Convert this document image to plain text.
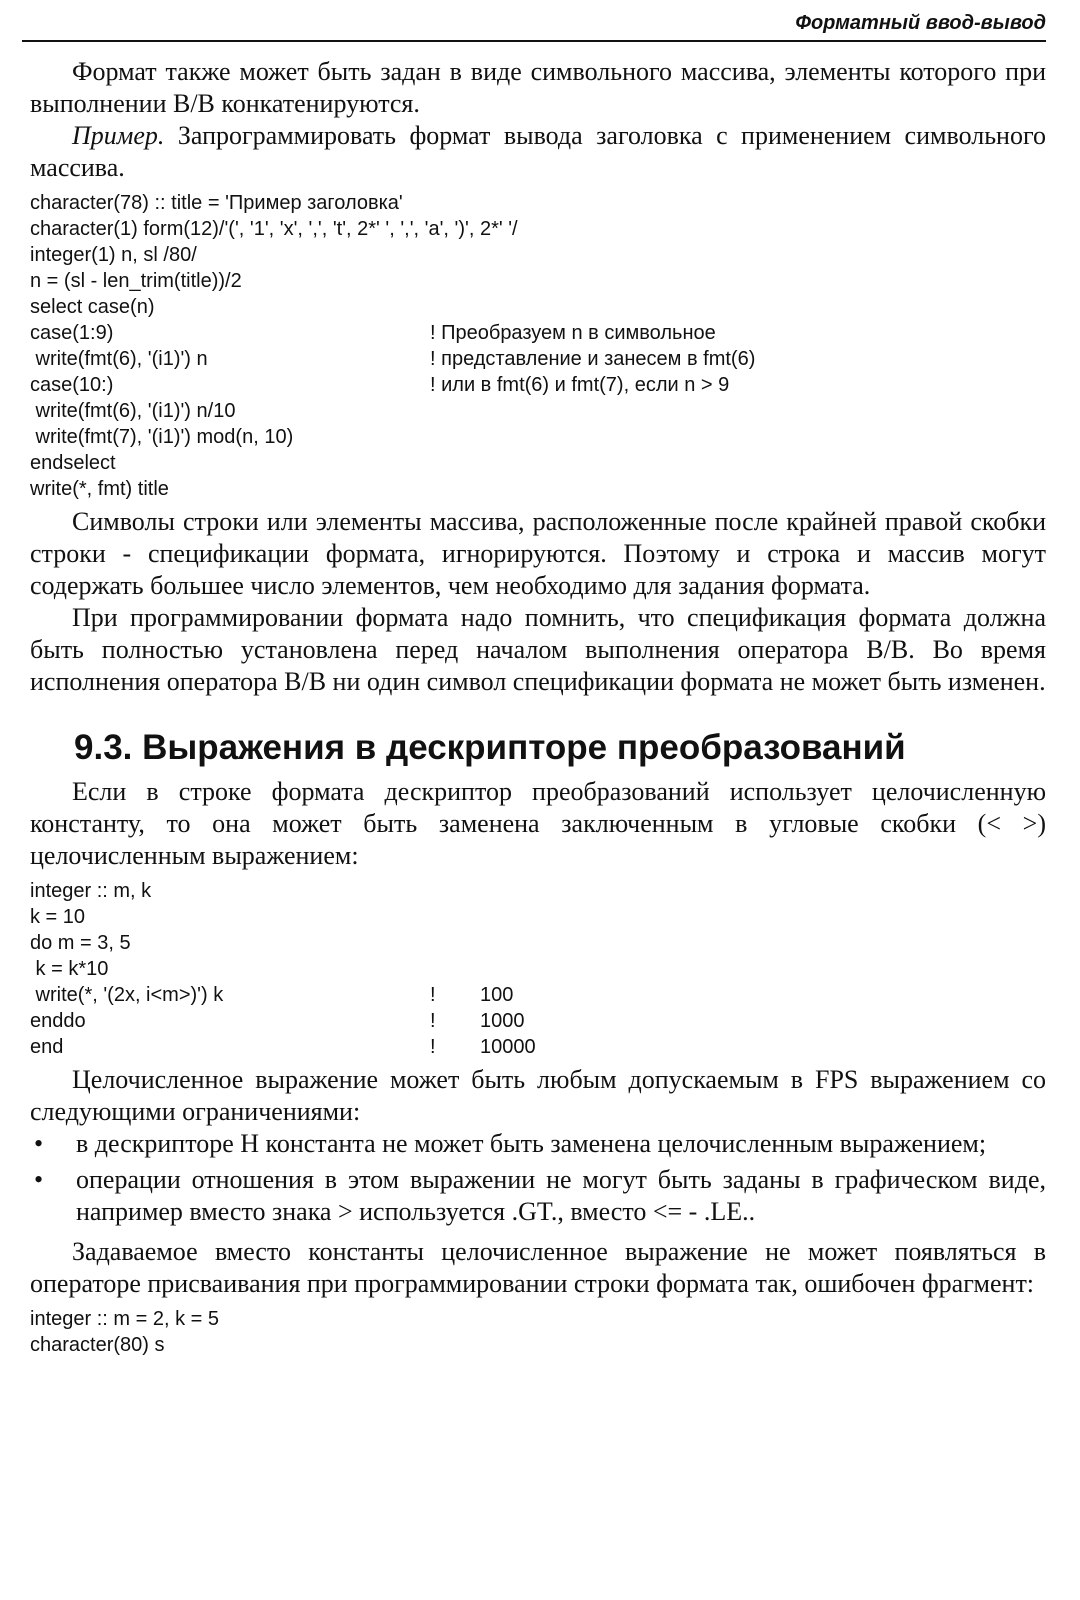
Форматный ввод-вывод

Формат также может быть задан в виде символьного массива, элементы которого при выполнении В/В конкатенируются.

Пример. Запрограммировать формат вывода заголовка с применением символьного массива.

character(78) :: title = 'Пример заголовка'
character(1) form(12)/'(', '1', 'x', ',', 't', 2*' ', ',', 'a', ')', 2*' '/
integer(1) n, sl /80/
n = (sl - len_trim(title))/2
select case(n)
case(1:9)	! Преобразуем n в символьное
write(fmt(6), '(i1)') n	! представление и занесем в fmt(6)
case(10:)	! или в fmt(6) и fmt(7), если n > 9
write(fmt(6), '(i1)') n/10
write(fmt(7), '(i1)') mod(n, 10)
endselect
write(*, fmt) title

Символы строки или элементы массива, расположенные после крайней правой скобки строки - спецификации формата, игнорируются. Поэтому и строка и массив могут содержать большее число элементов, чем необходимо для задания формата.

При программировании формата надо помнить, что спецификация формата должна быть полностью установлена перед началом выполнения оператора В/В. Во время исполнения оператора В/В ни один символ спецификации формата не может быть изменен.

9.3. Выражения в дескрипторе преобразований

Если в строке формата дескриптор преобразований использует целочисленную константу, то она может быть заменена заключенным в угловые скобки (< >) целочисленным выражением:

integer :: m, k
k = 10
do m = 3, 5
k = k*10
write(*, '(2x, i<m>)') k	!        100
enddo	!        1000
end	!        10000

Целочисленное выражение может быть любым допускаемым в FPS выражением со следующими ограничениями:

• в дескрипторе H константа не может быть заменена целочисленным выражением;
• операции отношения в этом выражении не могут быть заданы в графическом виде, например вместо знака > используется .GT., вместо <= - .LE..

Задаваемое вместо константы целочисленное выражение не может появляться в операторе присваивания при программировании строки формата так, ошибочен фрагмент:

integer :: m = 2, k = 5
character(80) s
